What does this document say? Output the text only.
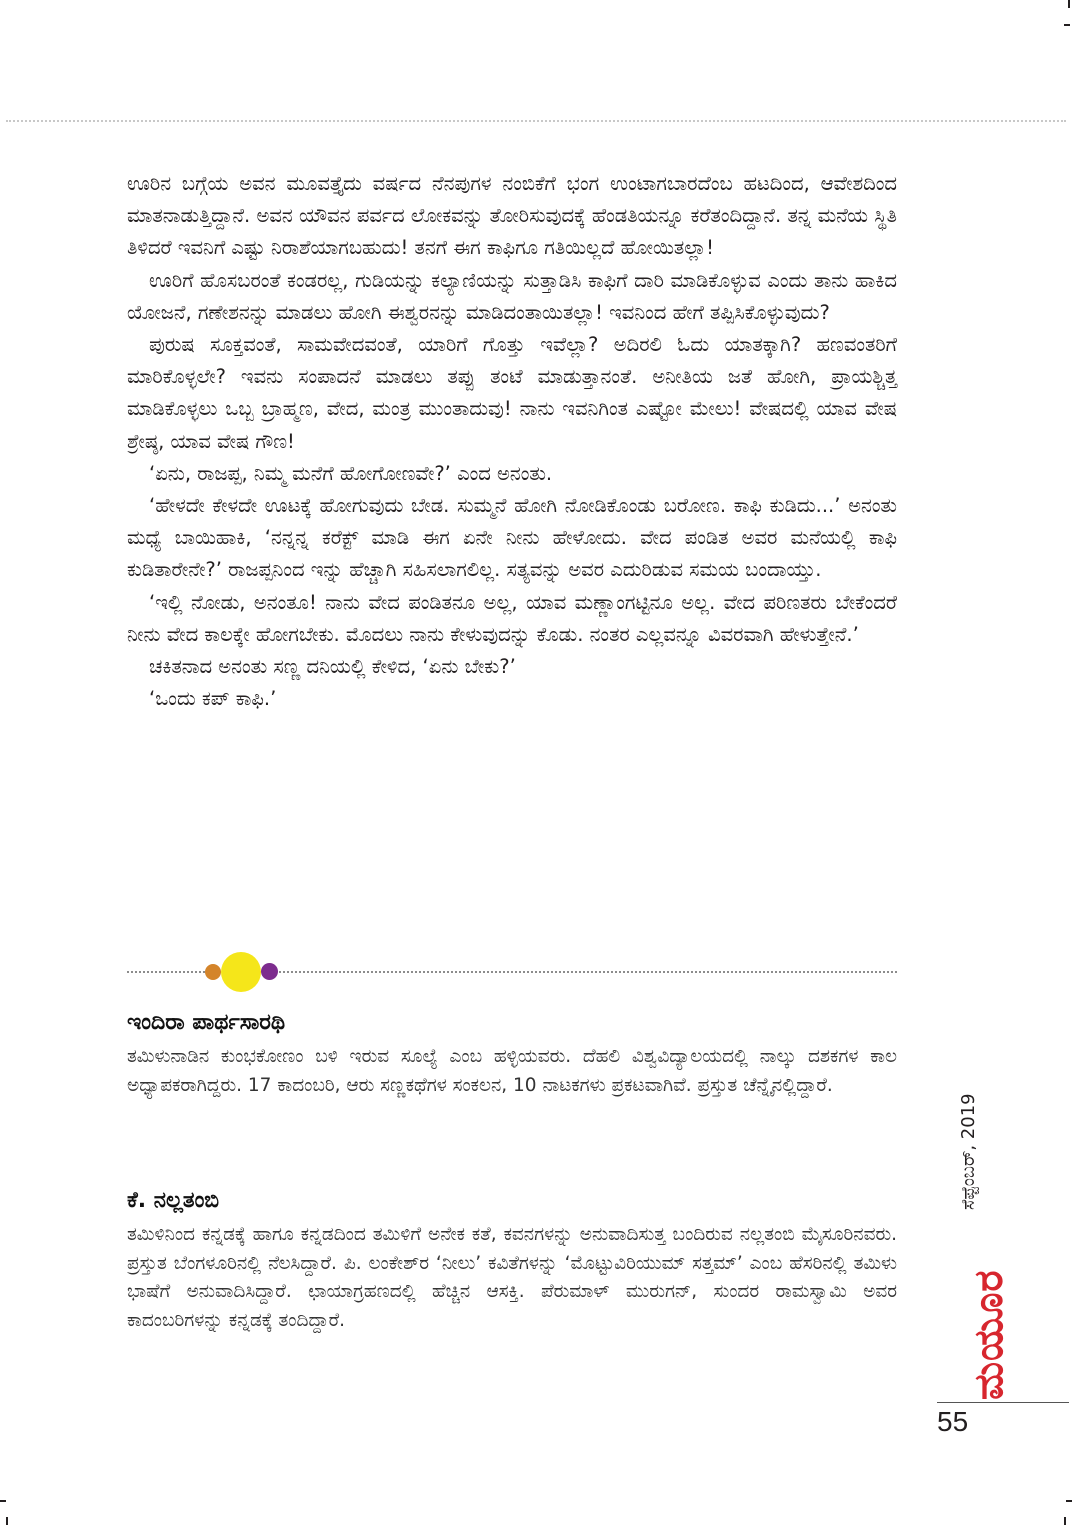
ಊರಿನ ಬಗ್ಗೆಯ ಅವನ ಮೂವತ್ತೈದು ವರ್ಷದ ನೆನಪುಗಳ ನಂಬಿಕೆಗೆ ಭಂಗ ಉಂಟಾಗಬಾರದೆಂಬ ಹಟದಿಂದ, ಆವೇಶದಿಂದ ಮಾತನಾಡುತ್ತಿದ್ದಾನೆ. ಅವನ ಯೌವನ ಪರ್ವದ ಲೋಕವನ್ನು ತೋರಿಸುವುದಕ್ಕೆ ಹೆಂಡತಿಯನ್ನೂ ಕರೆತಂದಿದ್ದಾನೆ. ತನ್ನ ಮನೆಯ ಸ್ಥಿತಿ ತಿಳಿದರೆ ಇವನಿಗೆ ಎಷ್ಟು ನಿರಾಶೆಯಾಗಬಹುದು! ತನಗೆ ಈಗ ಕಾಫಿಗೂ ಗತಿಯಿಲ್ಲದೆ ಹೋಯಿತಲ್ಲಾ!

ಊರಿಗೆ ಹೊಸಬರಂತೆ ಕಂಡರಲ್ಲ, ಗುಡಿಯನ್ನು ಕಲ್ಯಾಣಿಯನ್ನು ಸುತ್ತಾಡಿಸಿ ಕಾಫಿಗೆ ದಾರಿ ಮಾಡಿಕೊಳ್ಳುವ ಎಂದು ತಾನು ಹಾಕಿದ ಯೋಜನೆ, ಗಣೇಶನನ್ನು ಮಾಡಲು ಹೋಗಿ ಈಶ್ವರನನ್ನು ಮಾಡಿದಂತಾಯಿತಲ್ಲಾ! ಇವನಿಂದ ಹೇಗೆ ತಪ್ಪಿಸಿಕೊಳ್ಳುವುದು?

ಪುರುಷ ಸೂಕ್ತವಂತೆ, ಸಾಮವೇದವಂತೆ, ಯಾರಿಗೆ ಗೊತ್ತು ಇವೆಲ್ಲಾ? ಅದಿರಲಿ ಓದು ಯಾತಕ್ಕಾಗಿ? ಹಣವಂತರಿಗೆ ಮಾರಿಕೊಳ್ಳಲೇ? ಇವನು ಸಂಪಾದನೆ ಮಾಡಲು ತಪ್ಪು ತಂಟೆ ಮಾಡುತ್ತಾನಂತೆ. ಅನೀತಿಯ ಜತೆ ಹೋಗಿ, ಪ್ರಾಯಶ್ಚಿತ್ತ ಮಾಡಿಕೊಳ್ಳಲು ಒಬ್ಬ ಬ್ರಾಹ್ಮಣ, ವೇದ, ಮಂತ್ರ ಮುಂತಾದುವು! ನಾನು ಇವನಿಗಿಂತ ಎಷ್ಟೋ ಮೇಲು! ವೇಷದಲ್ಲಿ ಯಾವ ವೇಷ ಶ್ರೇಷ್ಠ, ಯಾವ ವೇಷ ಗೌಣ!

‘ಏನು, ರಾಜಪ್ಪ, ನಿಮ್ಮ ಮನೆಗೆ ಹೋಗೋಣವೇ?’ ಎಂದ ಅನಂತು.

‘ಹೇಳದೇ ಕೇಳದೇ ಊಟಕ್ಕೆ ಹೋಗುವುದು ಬೇಡ. ಸುಮ್ಮನೆ ಹೋಗಿ ನೋಡಿಕೊಂಡು ಬರೋಣ. ಕಾಫಿ ಕುಡಿದು...’ ಅನಂತು ಮಧ್ಯೆ ಬಾಯಿಹಾಕಿ, ‘ನನ್ನನ್ನ ಕರೆಕ್ಟ್ ಮಾಡಿ ಈಗ ಏನೇ ನೀನು ಹೇಳೋದು. ವೇದ ಪಂಡಿತ ಅವರ ಮನೆಯಲ್ಲಿ ಕಾಫಿ ಕುಡಿತಾರೇನೇ?’ ರಾಜಪ್ಪನಿಂದ ಇನ್ನು ಹೆಚ್ಚಾಗಿ ಸಹಿಸಲಾಗಲಿಲ್ಲ. ಸತ್ಯವನ್ನು ಅವರ ಎದುರಿಡುವ ಸಮಯ ಬಂದಾಯ್ತು.

‘ಇಲ್ಲಿ ನೋಡು, ಅನಂತೂ! ನಾನು ವೇದ ಪಂಡಿತನೂ ಅಲ್ಲ, ಯಾವ ಮಣ್ಣಾಂಗಟ್ಟಿನೂ ಅಲ್ಲ. ವೇದ ಪರಿಣತರು ಬೇಕೆಂದರೆ ನೀನು ವೇದ ಕಾಲಕ್ಕೇ ಹೋಗಬೇಕು. ಮೊದಲು ನಾನು ಕೇಳುವುದನ್ನು ಕೊಡು. ನಂತರ ಎಲ್ಲವನ್ನೂ ವಿವರವಾಗಿ ಹೇಳುತ್ತೇನೆ.’

ಚಕಿತನಾದ ಅನಂತು ಸಣ್ಣ ದನಿಯಲ್ಲಿ ಕೇಳಿದ, ‘ಏನು ಬೇಕು?’

‘ಒಂದು ಕಪ್ ಕಾಫಿ.’

ಇಂದಿರಾ ಪಾರ್ಥಸಾರಥಿ

ತಮಿಳುನಾಡಿನ ಕುಂಭಕೋಣಂ ಬಳಿ ಇರುವ ಸೂಲ್ಯೆ ಎಂಬ ಹಳ್ಳಿಯವರು. ದೆಹಲಿ ವಿಶ್ವವಿದ್ಯಾಲಯದಲ್ಲಿ ನಾಲ್ಕು ದಶಕಗಳ ಕಾಲ ಅಧ್ಯಾಪಕರಾಗಿದ್ದರು. 17 ಕಾದಂಬರಿ, ಆರು ಸಣ್ಣಕಥೆಗಳ ಸಂಕಲನ, 10 ನಾಟಕಗಳು ಪ್ರಕಟವಾಗಿವೆ. ಪ್ರಸ್ತುತ ಚೆನ್ನೈನಲ್ಲಿದ್ದಾರೆ.

ಕೆ. ನಲ್ಲತಂಬಿ

ತಮಿಳಿನಿಂದ ಕನ್ನಡಕ್ಕೆ ಹಾಗೂ ಕನ್ನಡದಿಂದ ತಮಿಳಿಗೆ ಅನೇಕ ಕತೆ, ಕವನಗಳನ್ನು ಅನುವಾದಿಸುತ್ತ ಬಂದಿರುವ ನಲ್ಲತಂಬಿ ಮೈಸೂರಿನವರು. ಪ್ರಸ್ತುತ ಬೆಂಗಳೂರಿನಲ್ಲಿ ನೆಲಸಿದ್ದಾರೆ. ಪಿ. ಲಂಕೇಶ್‌ರ ‘ನೀಲು’ ಕವಿತೆಗಳನ್ನು ‘ಮೊಟ್ಟುವಿರಿಯುಮ್ ಸತ್ತಮ್’ ಎಂಬ ಹೆಸರಿನಲ್ಲಿ ತಮಿಳು ಭಾಷೆಗೆ ಅನುವಾದಿಸಿದ್ದಾರೆ. ಛಾಯಾಗ್ರಹಣದಲ್ಲಿ ಹೆಚ್ಚಿನ ಆಸಕ್ತಿ. ಪೆರುಮಾಳ್ ಮುರುಗನ್, ಸುಂದರ ರಾಮಸ್ವಾಮಿ ಅವರ ಕಾದಂಬರಿಗಳನ್ನು ಕನ್ನಡಕ್ಕೆ ತಂದಿದ್ದಾರೆ.

ಸೆಪ್ಟೆಂಬರ್, 2019
ಮಯೂರ
55
